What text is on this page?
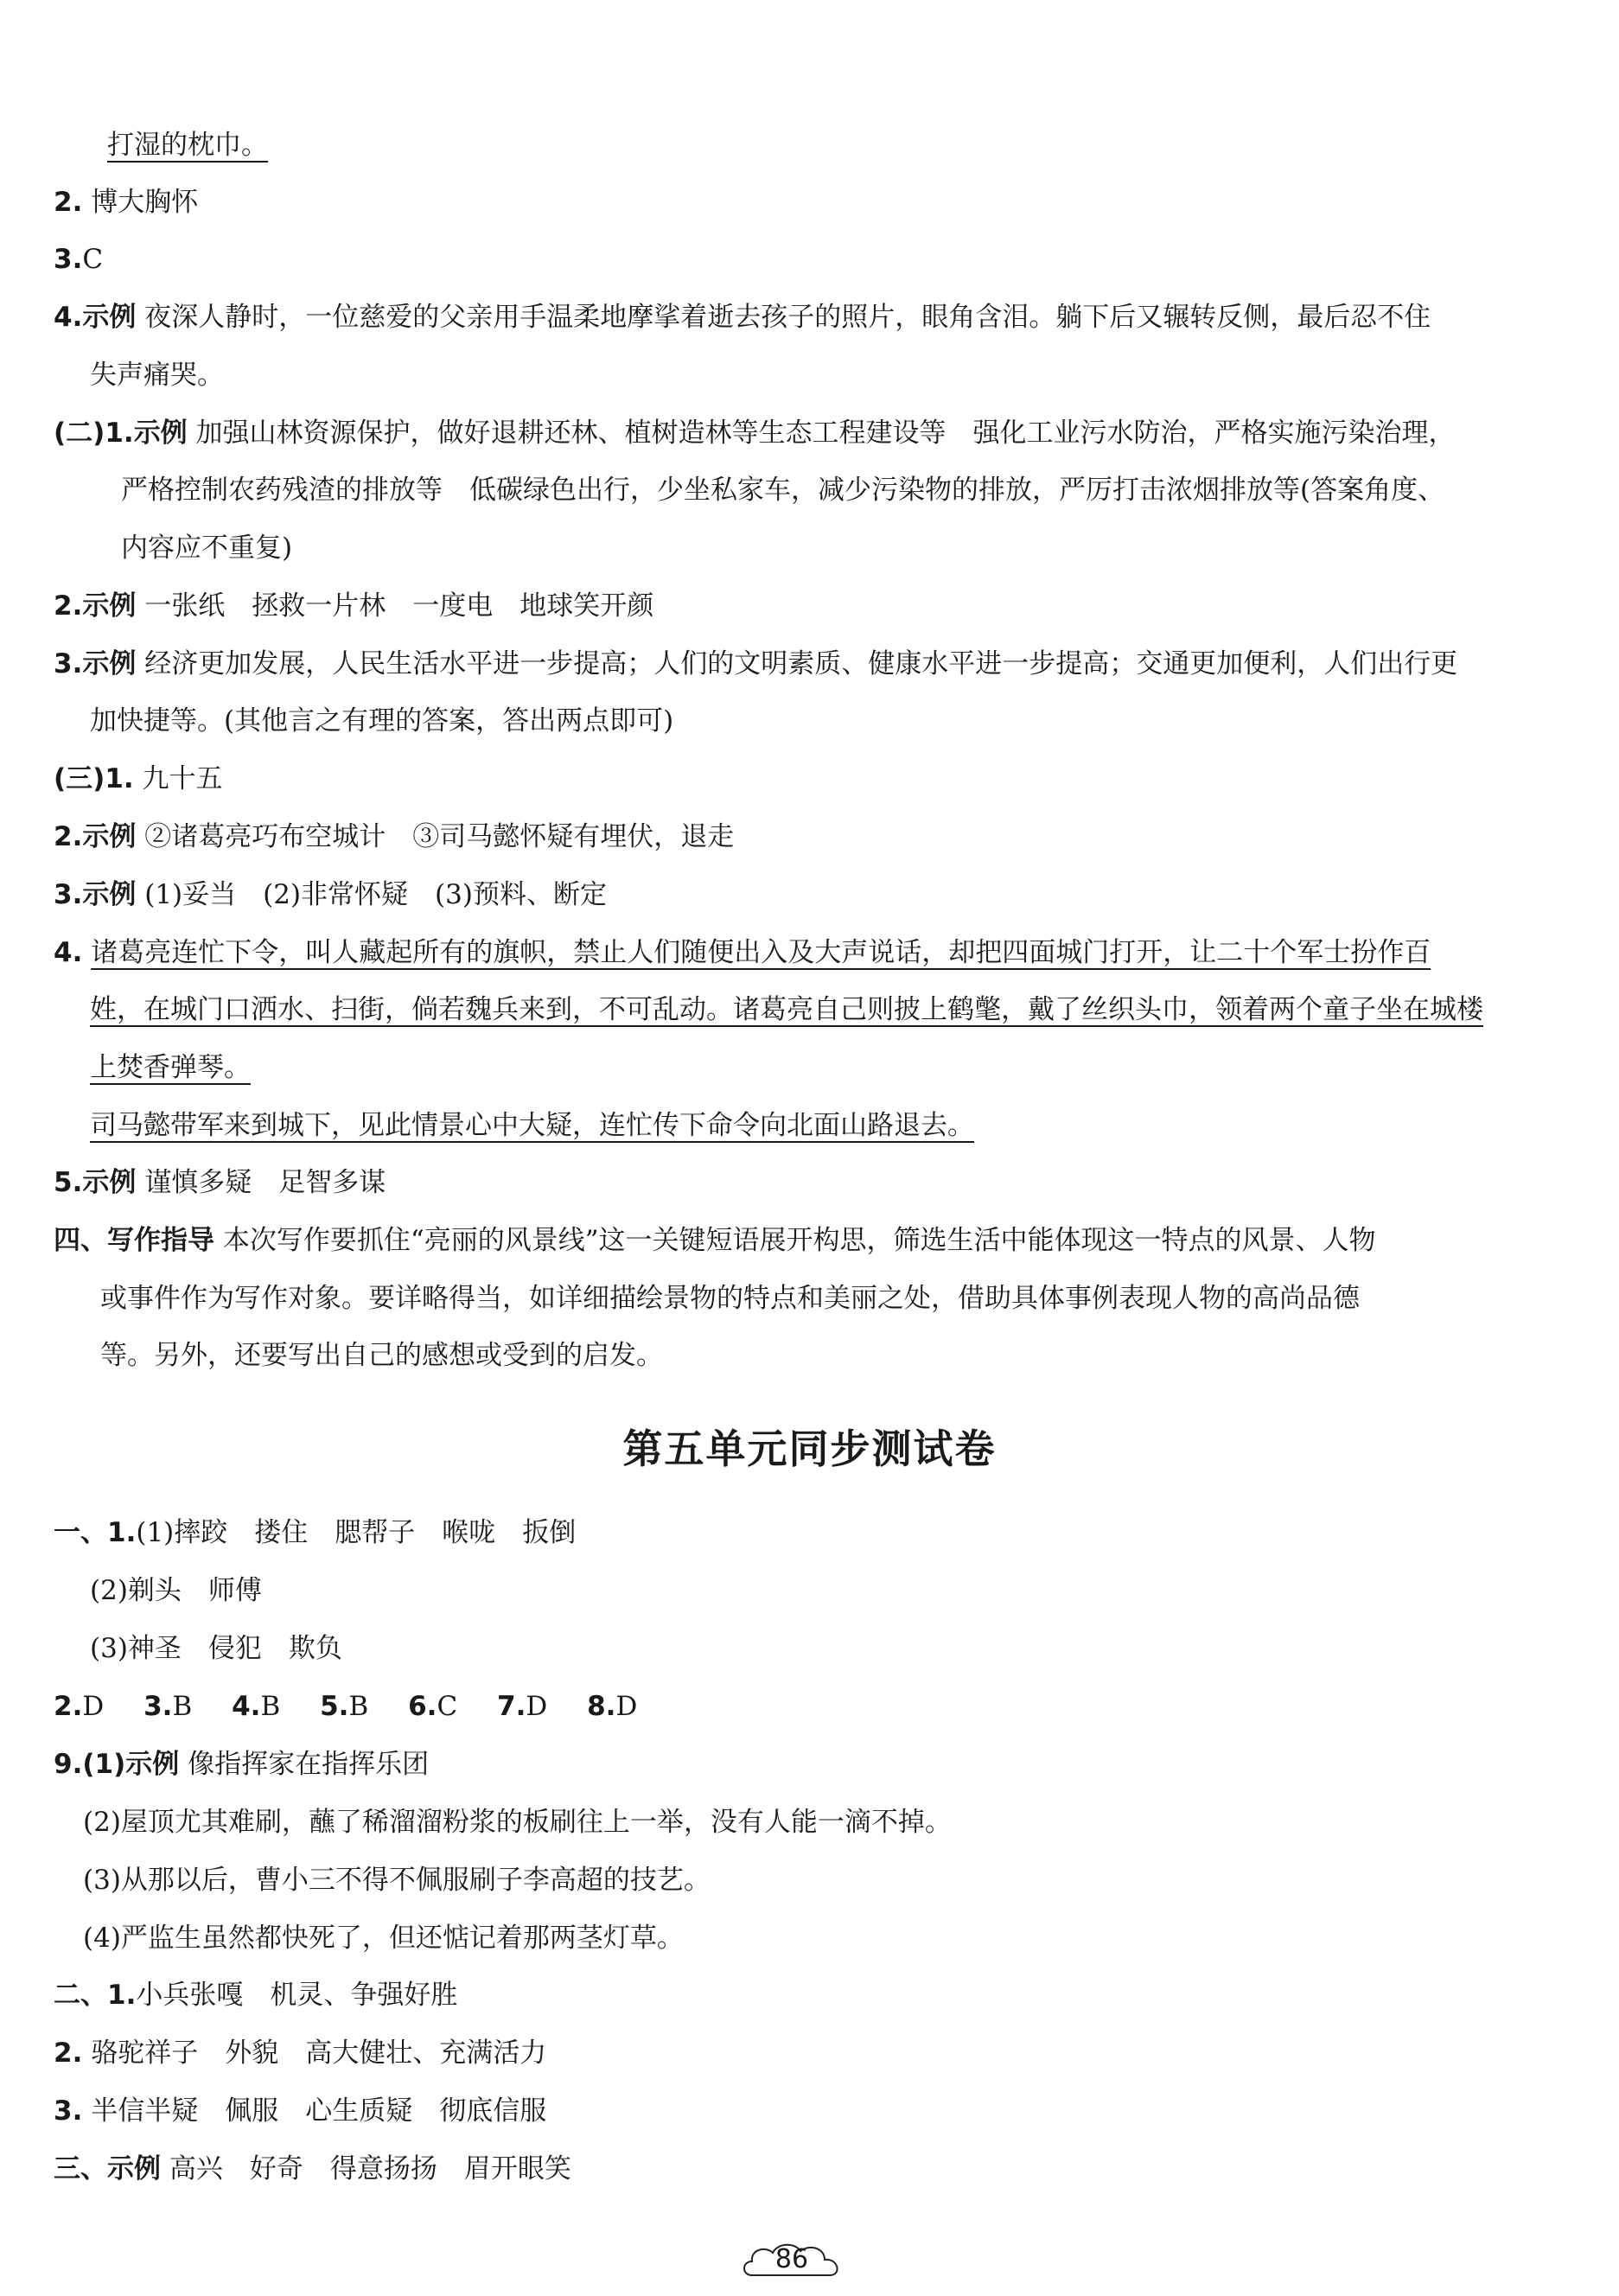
打湿的枕巾。
2. 博大胸怀
3.C
4.示例 夜深人静时，一位慈爱的父亲用手温柔地摩挲着逝去孩子的照片，眼角含泪。躺下后又辗转反侧，最后忍不住
失声痛哭。
(二)1.示例 加强山林资源保护，做好退耕还林、植树造林等生态工程建设等　强化工业污水防治，严格实施污染治理，
严格控制农药残渣的排放等　低碳绿色出行，少坐私家车，减少污染物的排放，严厉打击浓烟排放等(答案角度、
内容应不重复)
2.示例 一张纸　拯救一片林　一度电　地球笑开颜
3.示例 经济更加发展，人民生活水平进一步提高；人们的文明素质、健康水平进一步提高；交通更加便利，人们出行更
加快捷等。(其他言之有理的答案，答出两点即可)
(三)1. 九十五
2.示例 ②诸葛亮巧布空城计　③司马懿怀疑有埋伏，退走
3.示例 (1)妥当　(2)非常怀疑　(3)预料、断定
4. 诸葛亮连忙下令，叫人藏起所有的旗帜，禁止人们随便出入及大声说话，却把四面城门打开，让二十个军士扮作百
姓，在城门口洒水、扫街，倘若魏兵来到，不可乱动。诸葛亮自己则披上鹤氅，戴了丝织头巾，领着两个童子坐在城楼
上焚香弹琴。
司马懿带军来到城下，见此情景心中大疑，连忙传下命令向北面山路退去。
5.示例 谨慎多疑　足智多谋
四、写作指导 本次写作要抓住“亮丽的风景线”这一关键短语展开构思，筛选生活中能体现这一特点的风景、人物
或事件作为写作对象。要详略得当，如详细描绘景物的特点和美丽之处，借助具体事例表现人物的高尚品德
等。另外，还要写出自己的感想或受到的启发。
第五单元同步测试卷
一、1.(1)摔跤　搂住　腮帮子　喉咙　扳倒
(2)剃头　师傅
(3)神圣　侵犯　欺负
2.D 3.B 4.B 5.B 6.C 7.D 8.D
9.(1)示例 像指挥家在指挥乐团
(2)屋顶尤其难刷，蘸了稀溜溜粉浆的板刷往上一举，没有人能一滴不掉。
(3)从那以后，曹小三不得不佩服刷子李高超的技艺。
(4)严监生虽然都快死了，但还惦记着那两茎灯草。
二、1.小兵张嘎　机灵、争强好胜
2. 骆驼祥子　外貌　高大健壮、充满活力
3. 半信半疑　佩服　心生质疑　彻底信服
三、示例 高兴　好奇　得意扬扬　眉开眼笑
86
